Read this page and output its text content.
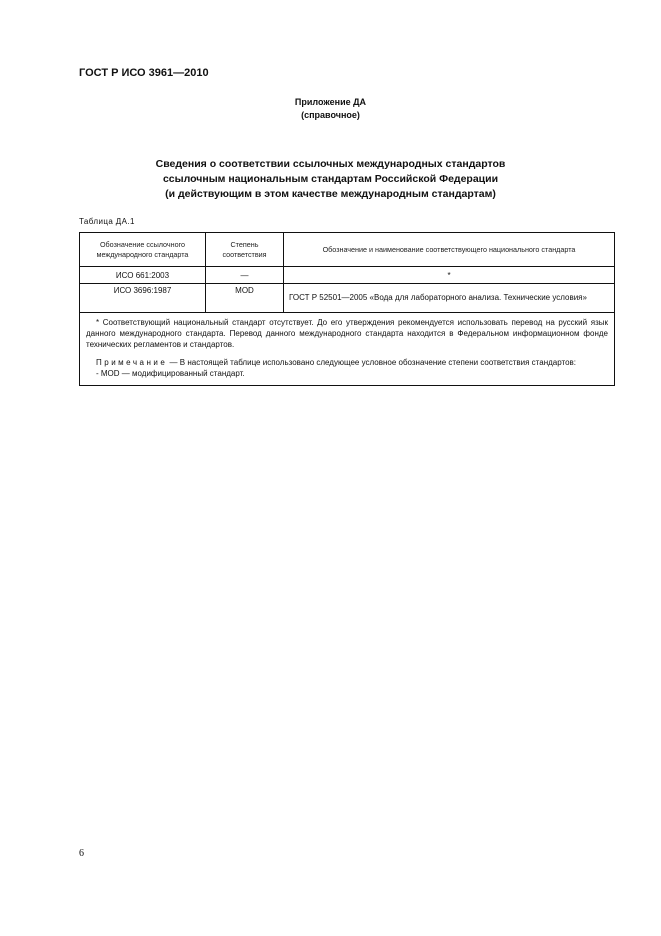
ГОСТ Р ИСО 3961—2010
Приложение ДА
(справочное)
Сведения о соответствии ссылочных международных стандартов
ссылочным национальным стандартам Российской Федерации
(и действующим в этом качестве международным стандартам)
Таблица ДА.1
Обозначение ссылочного международного стандарта	Степень соответствия	Обозначение и наименование соответствующего национального стандарта
ИСО 661:2003	—	*
ИСО 3696:1987	MOD	ГОСТ Р 52501—2005 «Вода для лабораторного анализа. Технические условия»

* Соответствующий национальный стандарт отсутствует. До его утверждения рекомендуется использовать перевод на русский язык данного международного стандарта. Перевод данного международного стандарта находится в Федеральном информационном фонде технических регламентов и стандартов.

Примечание — В настоящей таблице использовано следующее условное обозначение степени соответствия стандартов:

- MOD — модифицированный стандарт.		

6
